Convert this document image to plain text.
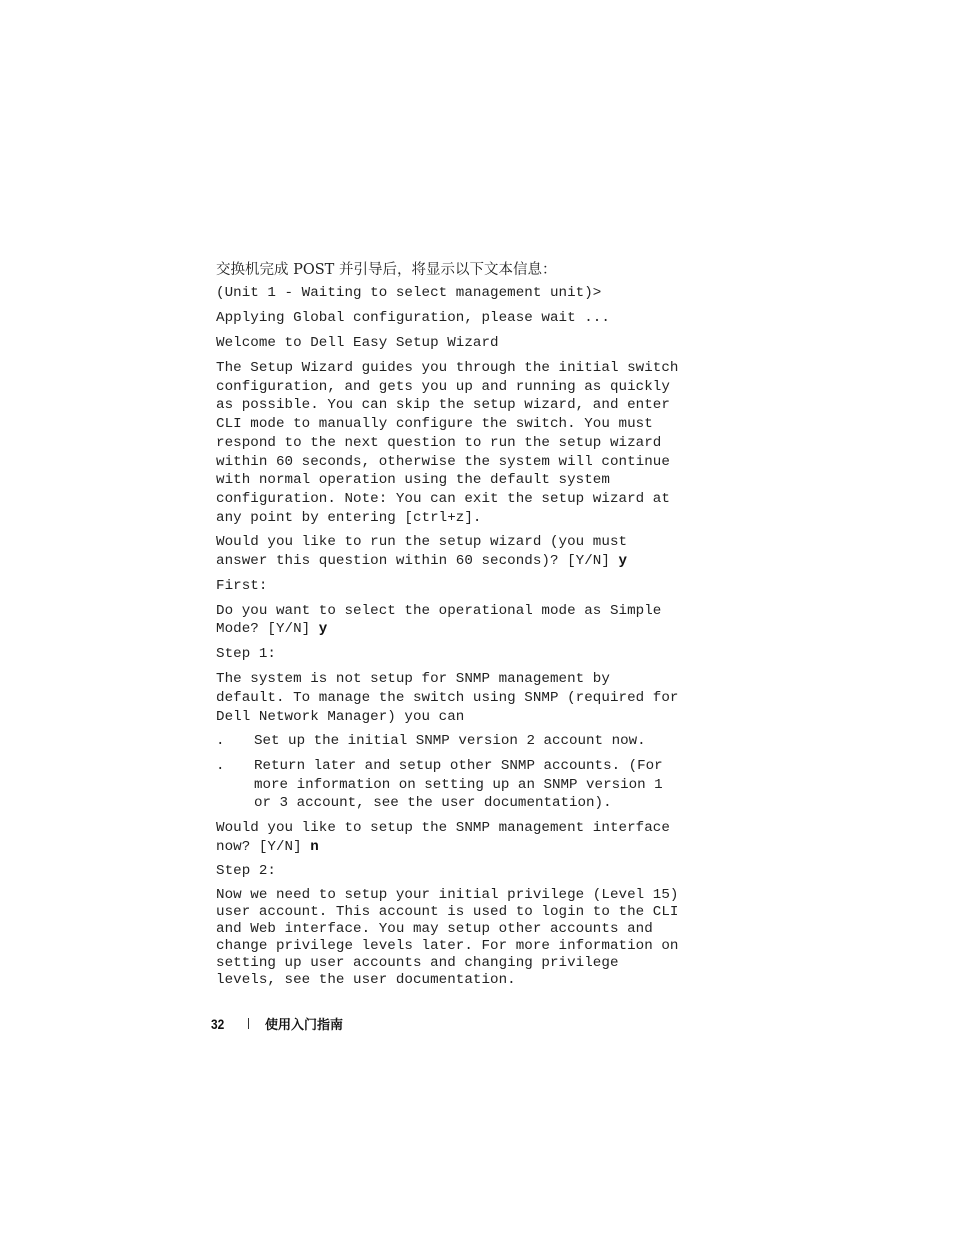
交换机完成 POST 并引导后，将显示以下文本信息：

(Unit 1 - Waiting to select management unit)>
Applying Global configuration, please wait ...
Welcome to Dell Easy Setup Wizard
The Setup Wizard guides you through the initial switch
configuration, and gets you up and running as quickly
as possible. You can skip the setup wizard, and enter
CLI mode to manually configure the switch. You must
respond to the next question to run the setup wizard
within 60 seconds, otherwise the system will continue
with normal operation using the default system
configuration. Note: You can exit the setup wizard at
any point by entering [ctrl+z].
Would you like to run the setup wizard (you must
answer this question within 60 seconds)? [Y/N] y
First:
Do you want to select the operational mode as Simple
Mode? [Y/N] y
Step 1:
The system is not setup for SNMP management by
default. To manage the switch using SNMP (required for
Dell Network Manager) you can
.	Set up the initial SNMP version 2 account now.
.	Return later and setup other SNMP accounts. (For
more information on setting up an SNMP version 1
or 3 account, see the user documentation).
Would you like to setup the SNMP management interface
now? [Y/N] n
Step 2:
Now we need to setup your initial privilege (Level 15)
user account. This account is used to login to the CLI
and Web interface. You may setup other accounts and
change privilege levels later. For more information on
setting up user accounts and changing privilege
levels, see the user documentation.
32	使用入门指南
